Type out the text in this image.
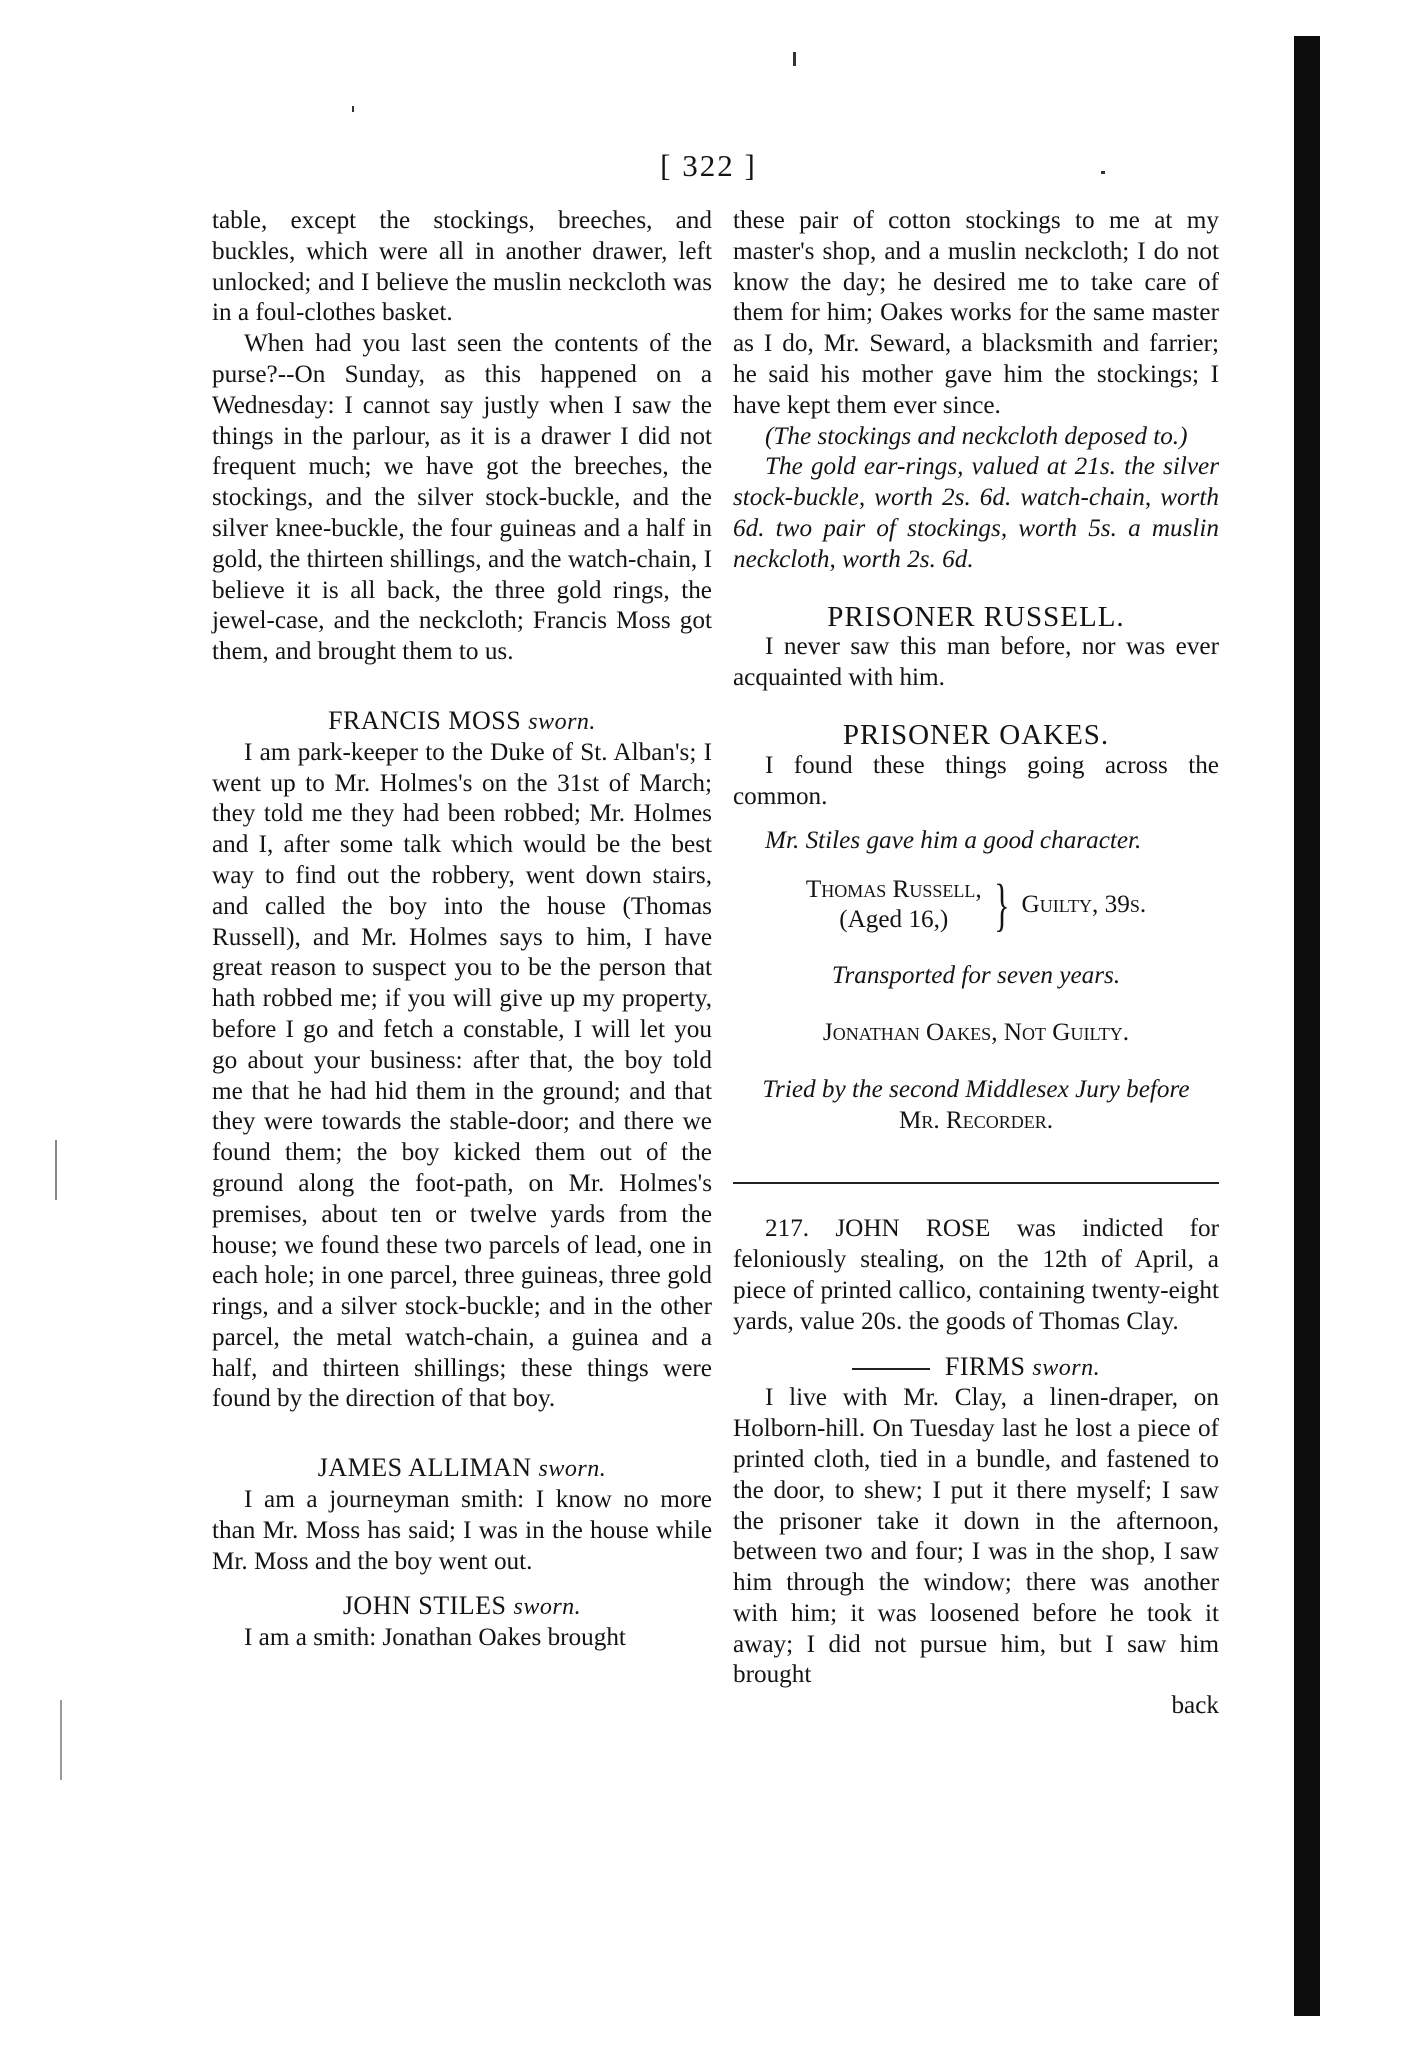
[ 322 ]

table, except the stockings, breeches, and buckles, which were all in another drawer, left unlocked; and I believe the muslin neckcloth was in a foul-clothes basket.

When had you last seen the contents of the purse?--On Sunday, as this happened on a Wednesday: I cannot say justly when I saw the things in the parlour, as it is a drawer I did not frequent much; we have got the breeches, the stockings, and the silver stock-buckle, and the silver knee-buckle, the four guineas and a half in gold, the thirteen shillings, and the watch-chain, I believe it is all back, the three gold rings, the jewel-case, and the neckcloth; Francis Moss got them, and brought them to us.

FRANCIS MOSS sworn.

I am park-keeper to the Duke of St. Alban's; I went up to Mr. Holmes's on the 31st of March; they told me they had been robbed; Mr. Holmes and I, after some talk which would be the best way to find out the robbery, went down stairs, and called the boy into the house (Thomas Russell), and Mr. Holmes says to him, I have great reason to suspect you to be the person that hath robbed me; if you will give up my property, before I go and fetch a constable, I will let you go about your business: after that, the boy told me that he had hid them in the ground; and that they were towards the stable-door; and there we found them; the boy kicked them out of the ground along the foot-path, on Mr. Holmes's premises, about ten or twelve yards from the house; we found these two parcels of lead, one in each hole; in one parcel, three guineas, three gold rings, and a silver stock-buckle; and in the other parcel, the metal watch-chain, a guinea and a half, and thirteen shillings; these things were found by the direction of that boy.

JAMES ALLIMAN sworn.

I am a journeyman smith: I know no more than Mr. Moss has said; I was in the house while Mr. Moss and the boy went out.

JOHN STILES sworn.

I am a smith: Jonathan Oakes brought

these pair of cotton stockings to me at my master's shop, and a muslin neckcloth; I do not know the day; he desired me to take care of them for him; Oakes works for the same master as I do, Mr. Seward, a blacksmith and farrier; he said his mother gave him the stockings; I have kept them ever since.

(The stockings and neckcloth deposed to.)

The gold ear-rings, valued at 21s. the silver stock-buckle, worth 2s. 6d. watch-chain, worth 6d. two pair of stockings, worth 5s. a muslin neckcloth, worth 2s. 6d.

PRISONER RUSSELL.

I never saw this man before, nor was ever acquainted with him.

PRISONER OAKES.

I found these things going across the common.

Mr. Stiles gave him a good character.

Thomas Russell,
(Aged 16,) } Guilty, 39s.

Transported for seven years.

Jonathan Oakes, Not Guilty.

Tried by the second Middlesex Jury before

Mr. Recorder.

217. JOHN ROSE was indicted for feloniously stealing, on the 12th of April, a piece of printed callico, containing twenty-eight yards, value 20s. the goods of Thomas Clay.

FIRMS sworn.

I live with Mr. Clay, a linen-draper, on Holborn-hill. On Tuesday last he lost a piece of printed cloth, tied in a bundle, and fastened to the door, to shew; I put it there myself; I saw the prisoner take it down in the afternoon, between two and four; I was in the shop, I saw him through the window; there was another with him; it was loosened before he took it away; I did not pursue him, but I saw him brought

back
